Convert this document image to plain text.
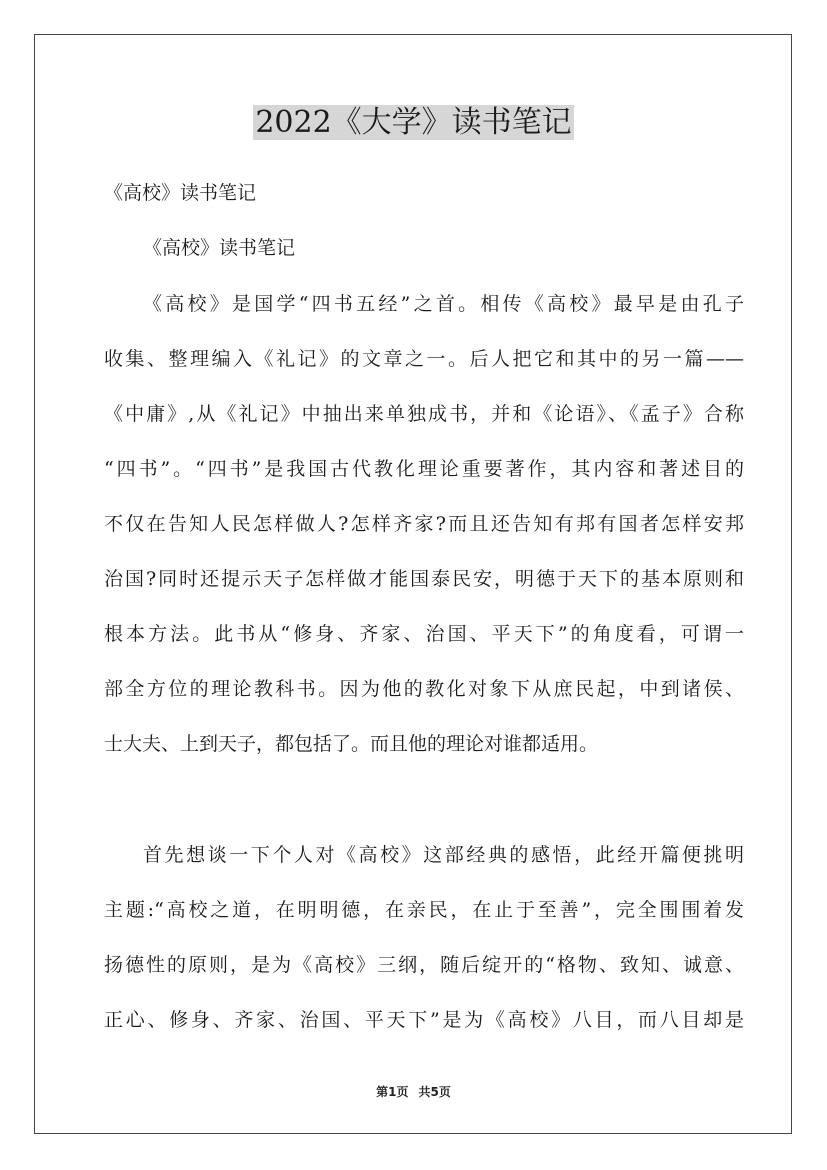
2022《大学》读书笔记

《高校》读书笔记

《高校》读书笔记

《高校》是国学“四书五经”之首。相传《高校》最早是由孔子

收集、整理编入《礼记》的文章之一。后人把它和其中的另一篇——

《中庸》,从《礼记》中抽出来单独成书，并和《论语》、《孟子》合称

“四书”。“四书”是我国古代教化理论重要著作，其内容和著述目的

不仅在告知人民怎样做人?怎样齐家?而且还告知有邦有国者怎样安邦

治国?同时还提示天子怎样做才能国泰民安，明德于天下的基本原则和

根本方法。此书从“修身、齐家、治国、平天下”的角度看，可谓一

部全方位的理论教科书。因为他的教化对象下从庶民起，中到诸侯、

士大夫、上到天子，都包括了。而且他的理论对谁都适用。

首先想谈一下个人对《高校》这部经典的感悟，此经开篇便挑明

主题:“高校之道，在明明德，在亲民，在止于至善”，完全围围着发

扬德性的原则，是为《高校》三纲，随后绽开的“格物、致知、诚意、

正心、修身、齐家、治国、平天下”是为《高校》八目，而八目却是

第1页 共5页
